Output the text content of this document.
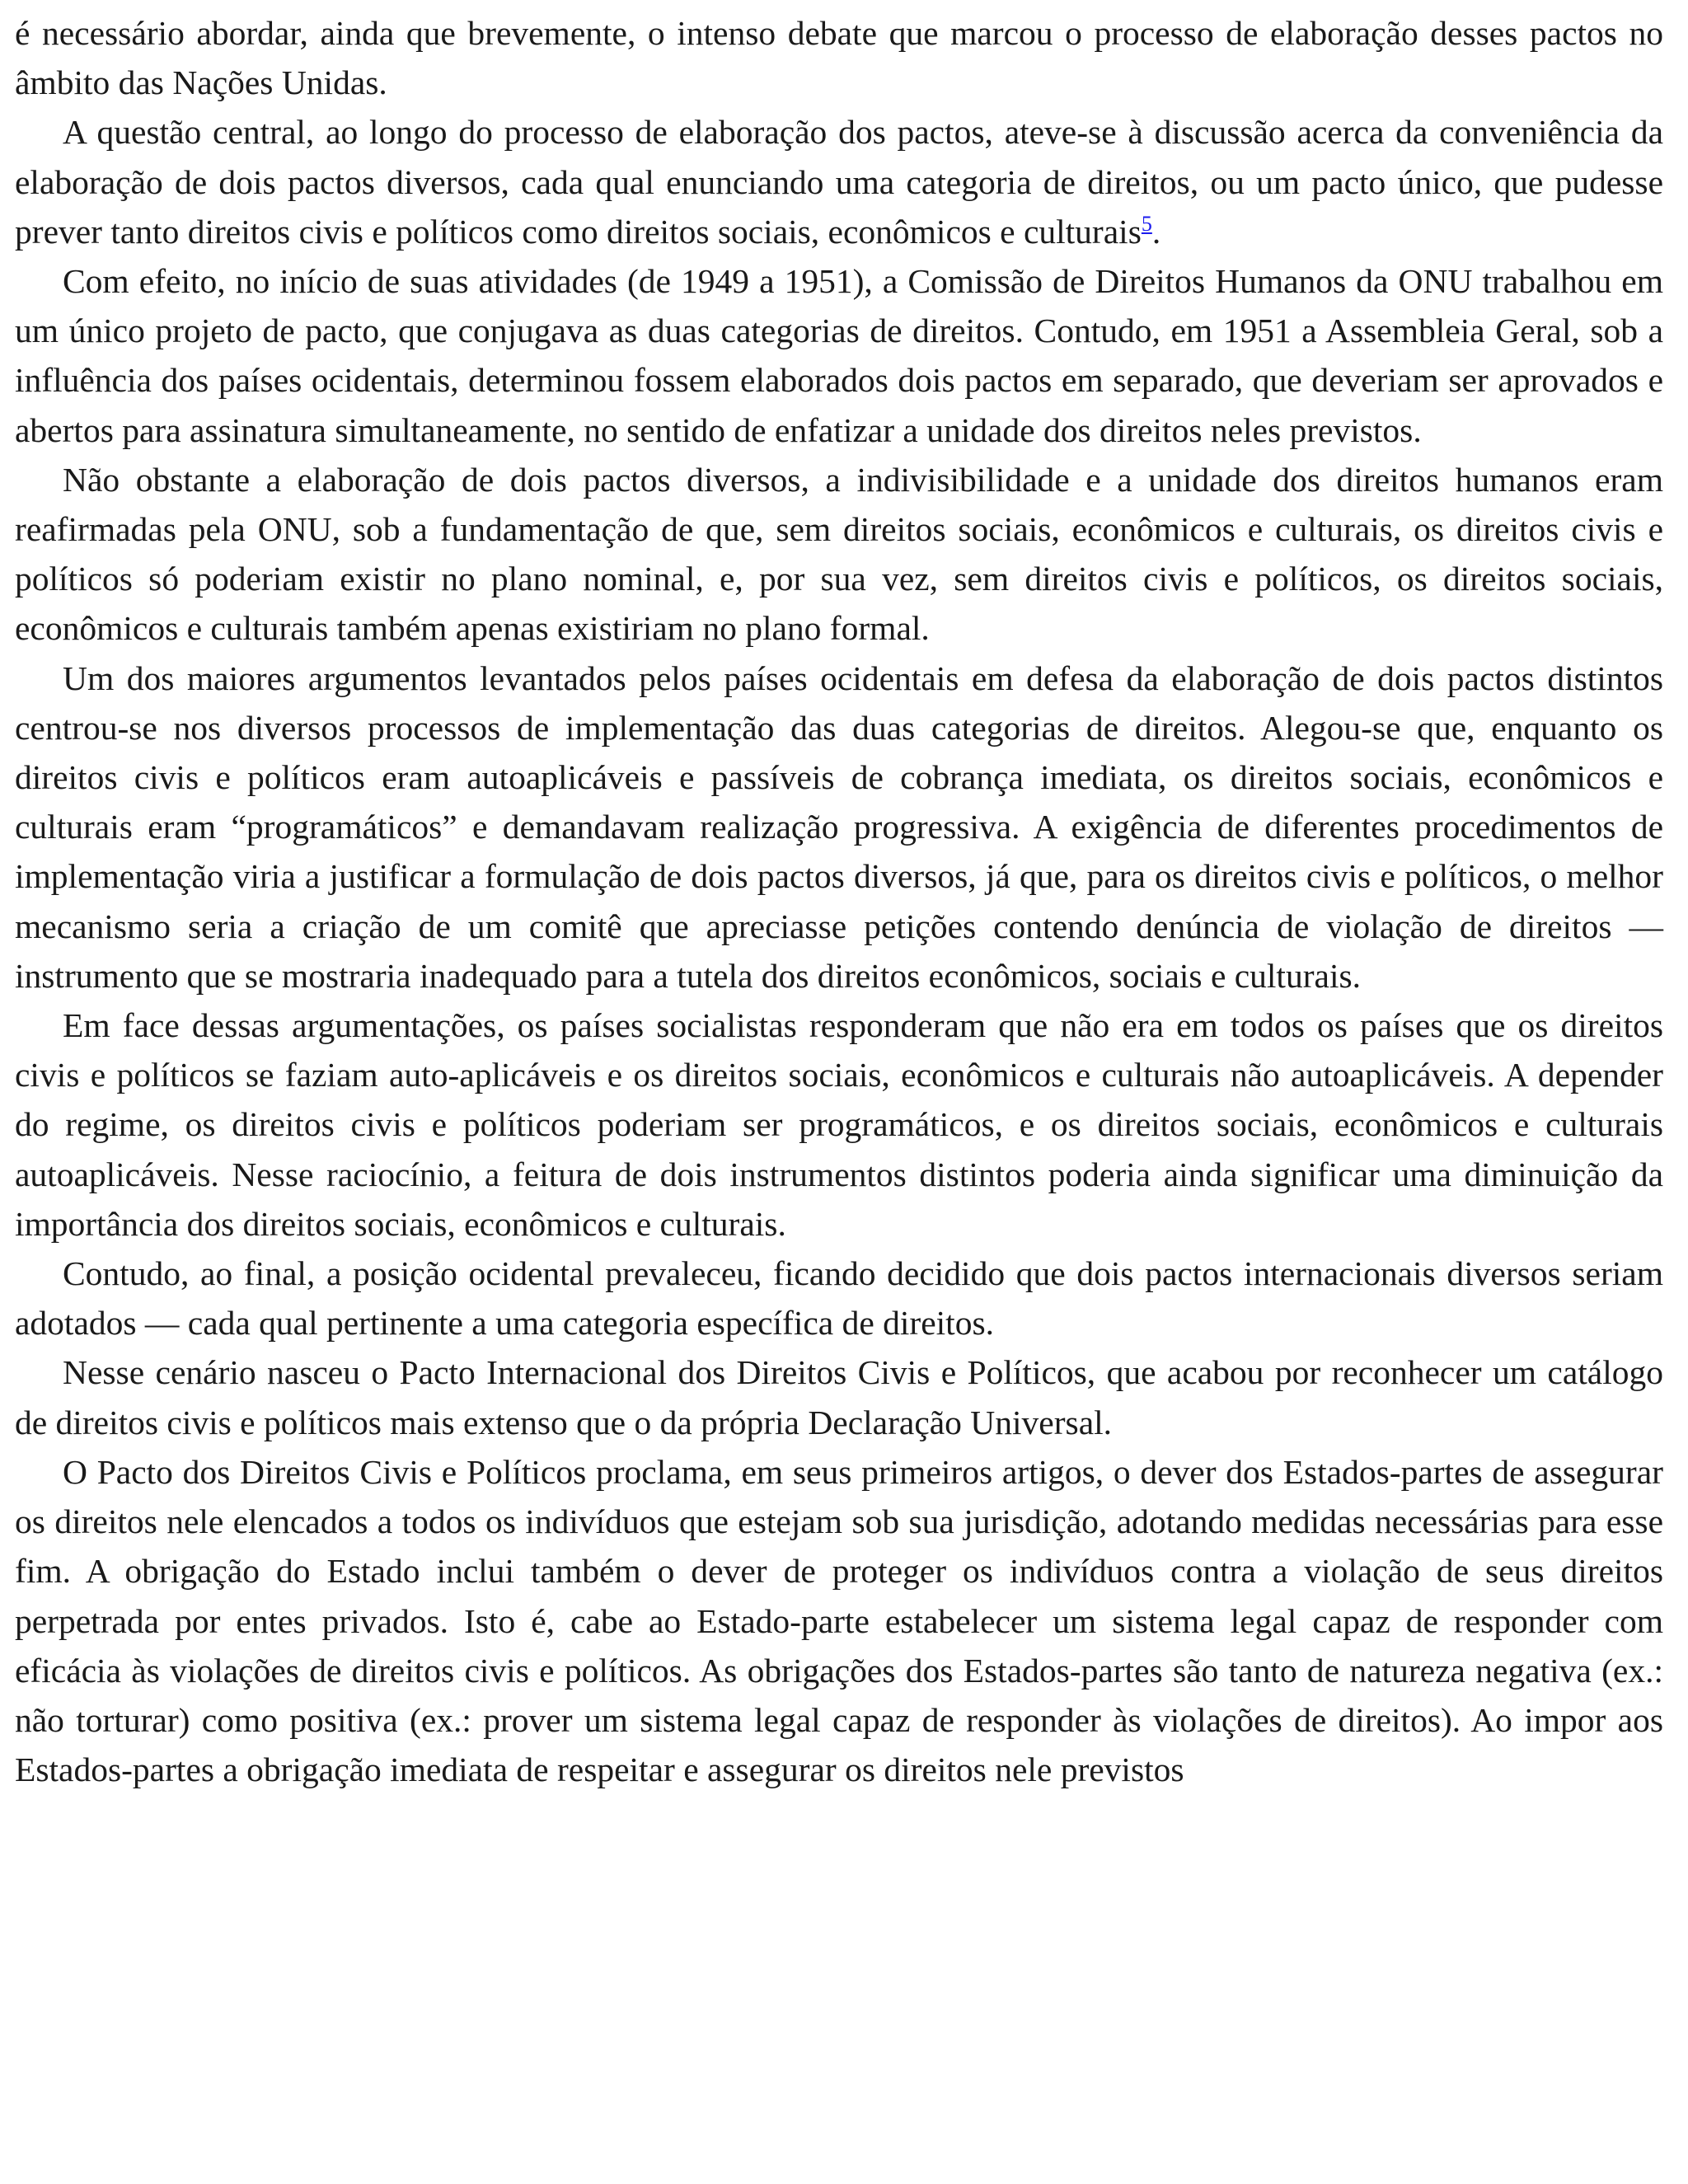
é necessário abordar, ainda que brevemente, o intenso debate que marcou o processo de elaboração desses pactos no âmbito das Nações Unidas.

A questão central, ao longo do processo de elaboração dos pactos, ateve-se à discussão acerca da conveniência da elaboração de dois pactos diversos, cada qual enunciando uma categoria de direitos, ou um pacto único, que pudesse prever tanto direitos civis e políticos como direitos sociais, econômicos e culturais$^5$.

Com efeito, no início de suas atividades (de 1949 a 1951), a Comissão de Direitos Humanos da ONU trabalhou em um único projeto de pacto, que conjugava as duas categorias de direitos. Contudo, em 1951 a Assembleia Geral, sob a influência dos países ocidentais, determinou fossem elaborados dois pactos em separado, que deveriam ser aprovados e abertos para assinatura simultaneamente, no sentido de enfatizar a unidade dos direitos neles previstos.

Não obstante a elaboração de dois pactos diversos, a indivisibilidade e a unidade dos direitos humanos eram reafirmadas pela ONU, sob a fundamentação de que, sem direitos sociais, econômicos e culturais, os direitos civis e políticos só poderiam existir no plano nominal, e, por sua vez, sem direitos civis e políticos, os direitos sociais, econômicos e culturais também apenas existiriam no plano formal.

Um dos maiores argumentos levantados pelos países ocidentais em defesa da elaboração de dois pactos distintos centrou-se nos diversos processos de implementação das duas categorias de direitos. Alegou-se que, enquanto os direitos civis e políticos eram autoaplicáveis e passíveis de cobrança imediata, os direitos sociais, econômicos e culturais eram “programáticos” e demandavam realização progressiva. A exigência de diferentes procedimentos de implementação viria a justificar a formulação de dois pactos diversos, já que, para os direitos civis e políticos, o melhor mecanismo seria a criação de um comitê que apreciasse petições contendo denúncia de violação de direitos — instrumento que se mostraria inadequado para a tutela dos direitos econômicos, sociais e culturais.

Em face dessas argumentações, os países socialistas responderam que não era em todos os países que os direitos civis e políticos se faziam auto-aplicáveis e os direitos sociais, econômicos e culturais não autoaplicáveis. A depender do regime, os direitos civis e políticos poderiam ser programáticos, e os direitos sociais, econômicos e culturais autoaplicáveis. Nesse raciocínio, a feitura de dois instrumentos distintos poderia ainda significar uma diminuição da importância dos direitos sociais, econômicos e culturais.

Contudo, ao final, a posição ocidental prevaleceu, ficando decidido que dois pactos internacionais diversos seriam adotados — cada qual pertinente a uma categoria específica de direitos.

Nesse cenário nasceu o Pacto Internacional dos Direitos Civis e Políticos, que acabou por reconhecer um catálogo de direitos civis e políticos mais extenso que o da própria Declaração Universal.

O Pacto dos Direitos Civis e Políticos proclama, em seus primeiros artigos, o dever dos Estados-partes de assegurar os direitos nele elencados a todos os indivíduos que estejam sob sua jurisdição, adotando medidas necessárias para esse fim. A obrigação do Estado inclui também o dever de proteger os indivíduos contra a violação de seus direitos perpetrada por entes privados. Isto é, cabe ao Estado-parte estabelecer um sistema legal capaz de responder com eficácia às violações de direitos civis e políticos. As obrigações dos Estados-partes são tanto de natureza negativa (ex.: não torturar) como positiva (ex.: prover um sistema legal capaz de responder às violações de direitos). Ao impor aos Estados-partes a obrigação imediata de respeitar e assegurar os direitos nele previstos
